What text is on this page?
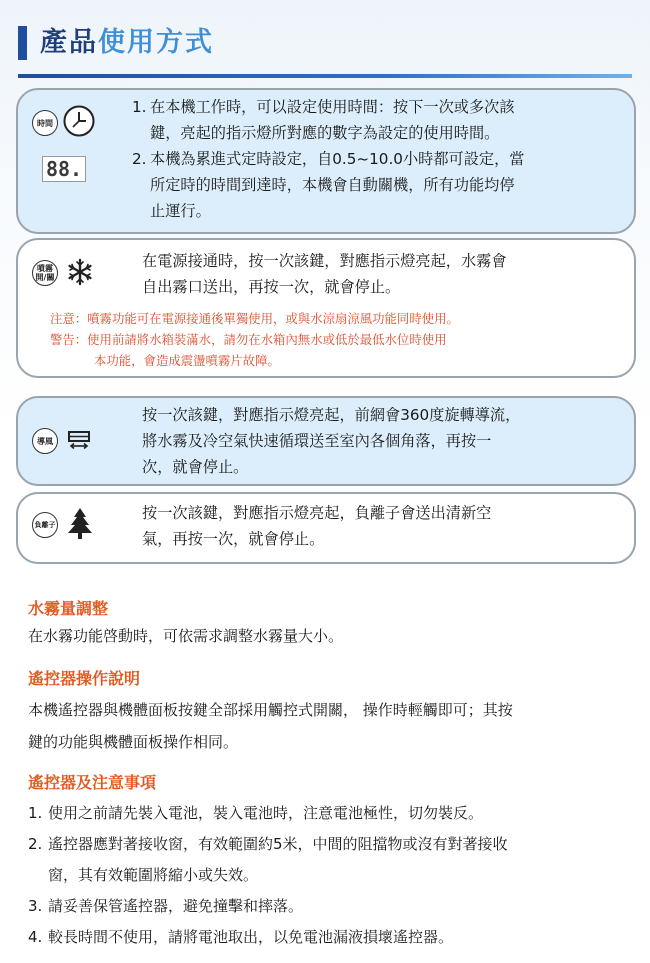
產品使用方式
時間
88.
1. 在本機工作時，可以設定使用時間：按下一次或多次該
鍵，亮起的指示燈所對應的數字為設定的使用時間。
2. 本機為累進式定時設定，自0.5~10.0小時都可設定，當
所定時的時間到達時，本機會自動關機，所有功能均停
止運行。
噴霧
開/關
在電源接通時，按一次該鍵，對應指示燈亮起，水霧會
自出霧口送出，再按一次，就會停止。
注意：噴霧功能可在電源接通後單獨使用，或與水涼扇涼風功能同時使用。
警告：使用前請將水箱裝滿水，請勿在水箱內無水或低於最低水位時使用
本功能，會造成震盪噴霧片故障。
導風
按一次該鍵，對應指示燈亮起，前網會360度旋轉導流，
將水霧及冷空氣快速循環送至室內各個角落，再按一
次，就會停止。
負離子
按一次該鍵，對應指示燈亮起，負離子會送出清新空
氣，再按一次，就會停止。
水霧量調整
在水霧功能啓動時，可依需求調整水霧量大小。
遙控器操作說明
本機遙控器與機體面板按鍵全部採用觸控式開關， 操作時輕觸即可；其按
鍵的功能與機體面板操作相同。
遙控器及注意事項
1. 使用之前請先裝入電池，裝入電池時，注意電池極性，切勿裝反。
2. 遙控器應對著接收窗，有效範圍約5米，中間的阻擋物或沒有對著接收
窗，其有效範圍將縮小或失效。
3. 請妥善保管遙控器，避免撞擊和摔落。
4. 較長時間不使用，請將電池取出，以免電池漏液損壞遙控器。
